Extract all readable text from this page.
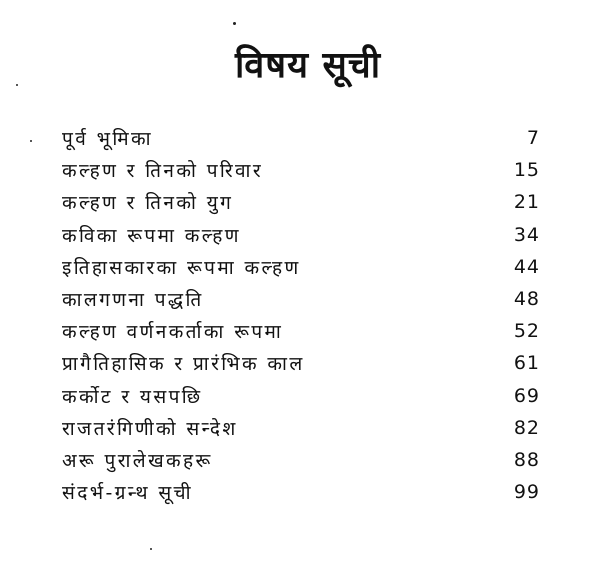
विषय सूची
पूर्व भूमिका	7
कल्हण र तिनको परिवार	15
कल्हण र तिनको युग	21
कविका रूपमा कल्हण	34
इतिहासकारका रूपमा कल्हण	44
कालगणना पद्धति	48
कल्हण वर्णनकर्ताका रूपमा	52
प्रागैतिहासिक र प्रारंभिक काल	61
कर्कोट र यसपछि	69
राजतरंगिणीको सन्देश	82
अरू पुरालेखकहरू	88
संदर्भ-ग्रन्थ सूची	99
